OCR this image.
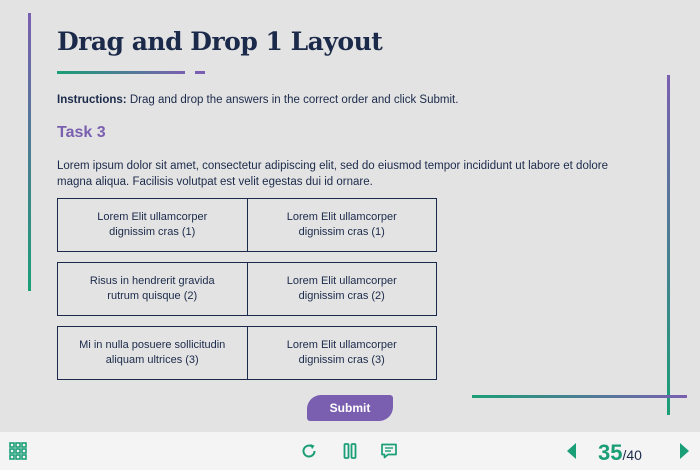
Drag and Drop 1 Layout
Instructions: Drag and drop the answers in the correct order and click Submit.
Task 3
Lorem ipsum dolor sit amet, consectetur adipiscing elit, sed do eiusmod tempor incididunt ut labore et dolore magna aliqua. Facilisis volutpat est velit egestas dui id ornare.
Lorem Elit ullamcorper
dignissim cras (1)
Lorem Elit ullamcorper
dignissim cras (1)
Risus in hendrerit gravida
rutrum quisque (2)
Lorem Elit ullamcorper
dignissim cras (2)
Mi in nulla posuere sollicitudin
aliquam ultrices (3)
Lorem Elit ullamcorper
dignissim cras (3)
Submit
35/40
